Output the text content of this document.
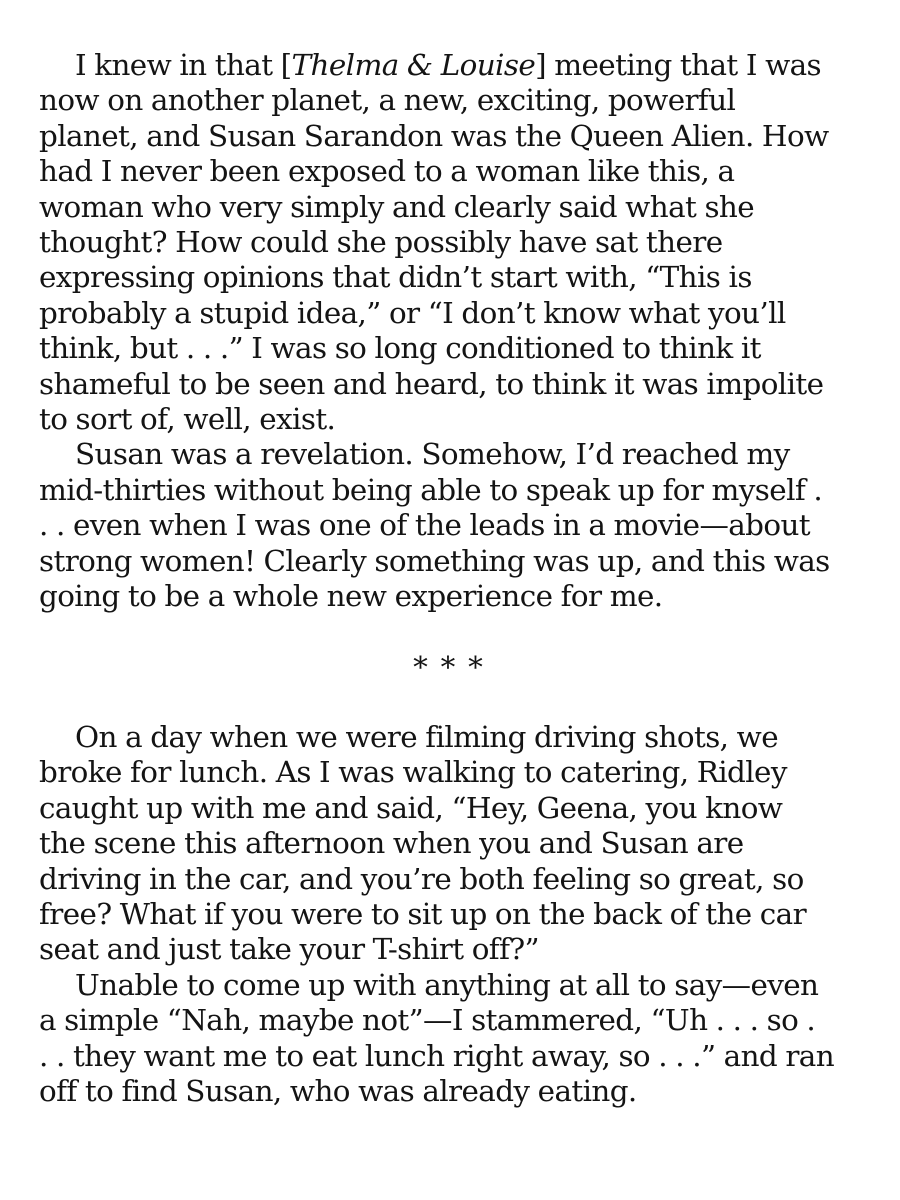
I knew in that [Thelma & Louise] meeting that I was
now on another planet, a new, exciting, powerful
planet, and Susan Sarandon was the Queen Alien. How
had I never been exposed to a woman like this, a
woman who very simply and clearly said what she
thought? How could she possibly have sat there
expressing opinions that didn’t start with, “This is
probably a stupid idea,” or “I don’t know what you’ll
think, but . . .” I was so long conditioned to think it
shameful to be seen and heard, to think it was impolite
to sort of, well, exist.
Susan was a revelation. Somehow, I’d reached my
mid-thirties without being able to speak up for myself .
. . even when I was one of the leads in a movie—about
strong women! Clearly something was up, and this was
going to be a whole new experience for me.
* * *
On a day when we were filming driving shots, we
broke for lunch. As I was walking to catering, Ridley
caught up with me and said, “Hey, Geena, you know
the scene this afternoon when you and Susan are
driving in the car, and you’re both feeling so great, so
free? What if you were to sit up on the back of the car
seat and just take your T-shirt off?”
Unable to come up with anything at all to say—even
a simple “Nah, maybe not”—I stammered, “Uh . . . so .
. . they want me to eat lunch right away, so . . .” and ran
off to find Susan, who was already eating.
